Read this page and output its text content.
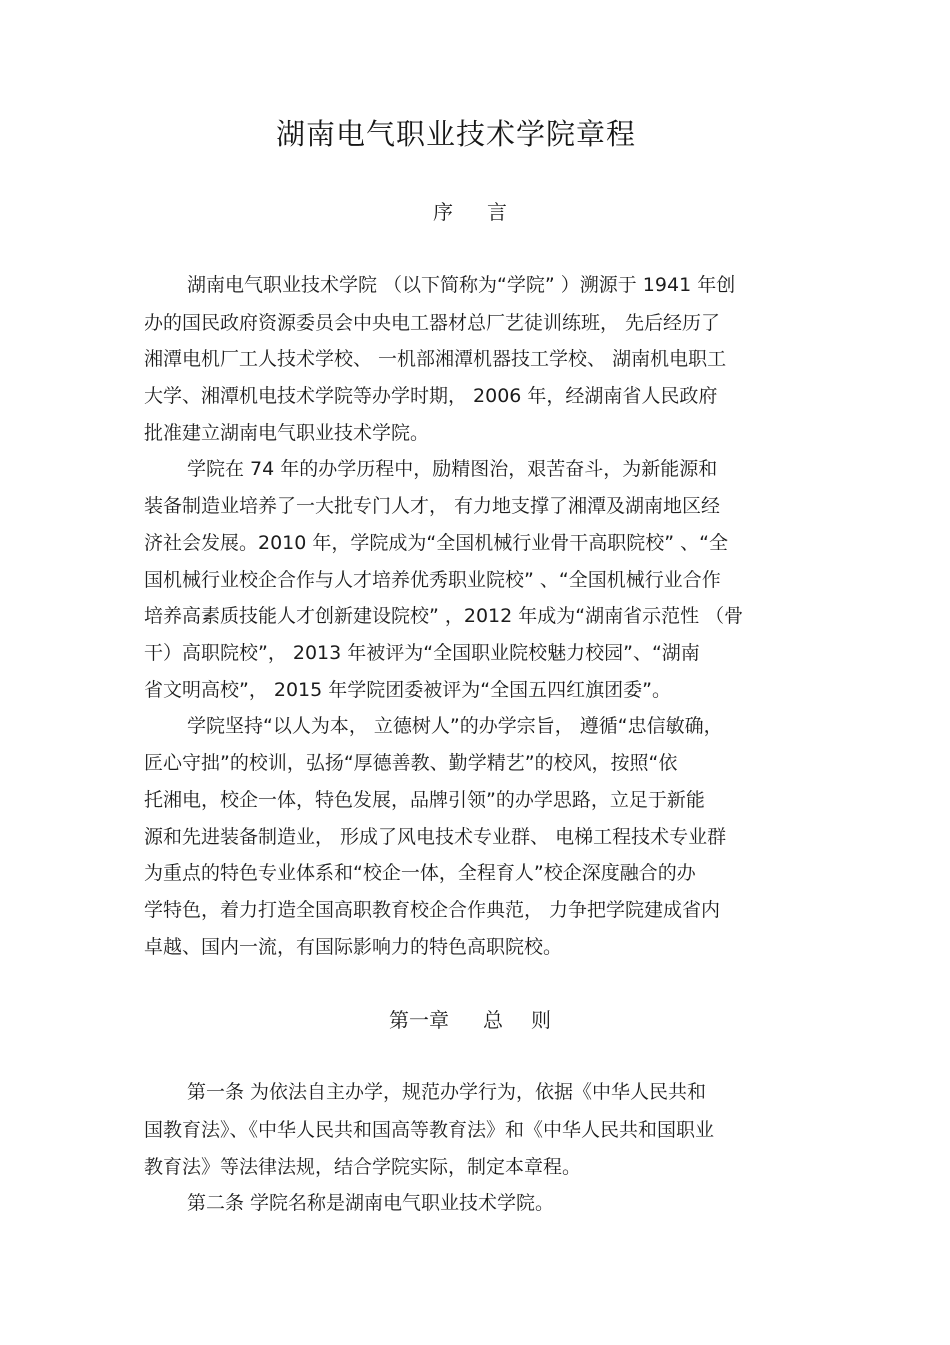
湖南电气职业技术学院章程
序 言
湖南电气职业技术学院 （以下简称为“学院” ）溯源于 1941 年创
办的国民政府资源委员会中央电工器材总厂艺徒训练班， 先后经历了
湘潭电机厂工人技术学校、 一机部湘潭机器技工学校、 湖南机电职工
大学、湘潭机电技术学院等办学时期， 2006 年，经湖南省人民政府
批准建立湖南电气职业技术学院。
学院在 74 年的办学历程中，励精图治，艰苦奋斗，为新能源和
装备制造业培养了一大批专门人才， 有力地支撑了湘潭及湖南地区经
济社会发展。2010 年，学院成为“全国机械行业骨干高职院校” 、“全
国机械行业校企合作与人才培养优秀职业院校” 、“全国机械行业合作
培养高素质技能人才创新建设院校” ，2012 年成为“湖南省示范性 （骨
干）高职院校”， 2013 年被评为“全国职业院校魅力校园”、“湖南
省文明高校”， 2015 年学院团委被评为“全国五四红旗团委”。
学院坚持“以人为本， 立德树人”的办学宗旨， 遵循“忠信敏确，
匠心守拙”的校训，弘扬“厚德善教、勤学精艺”的校风，按照“依
托湘电，校企一体，特色发展，品牌引领”的办学思路，立足于新能
源和先进装备制造业， 形成了风电技术专业群、 电梯工程技术专业群
为重点的特色专业体系和“校企一体，全程育人”校企深度融合的办
学特色，着力打造全国高职教育校企合作典范， 力争把学院建成省内
卓越、国内一流，有国际影响力的特色高职院校。
第一章 总 则
第一条 为依法自主办学，规范办学行为，依据《中华人民共和
国教育法》、《中华人民共和国高等教育法》和《中华人民共和国职业
教育法》等法律法规，结合学院实际，制定本章程。
第二条 学院名称是湖南电气职业技术学院。
